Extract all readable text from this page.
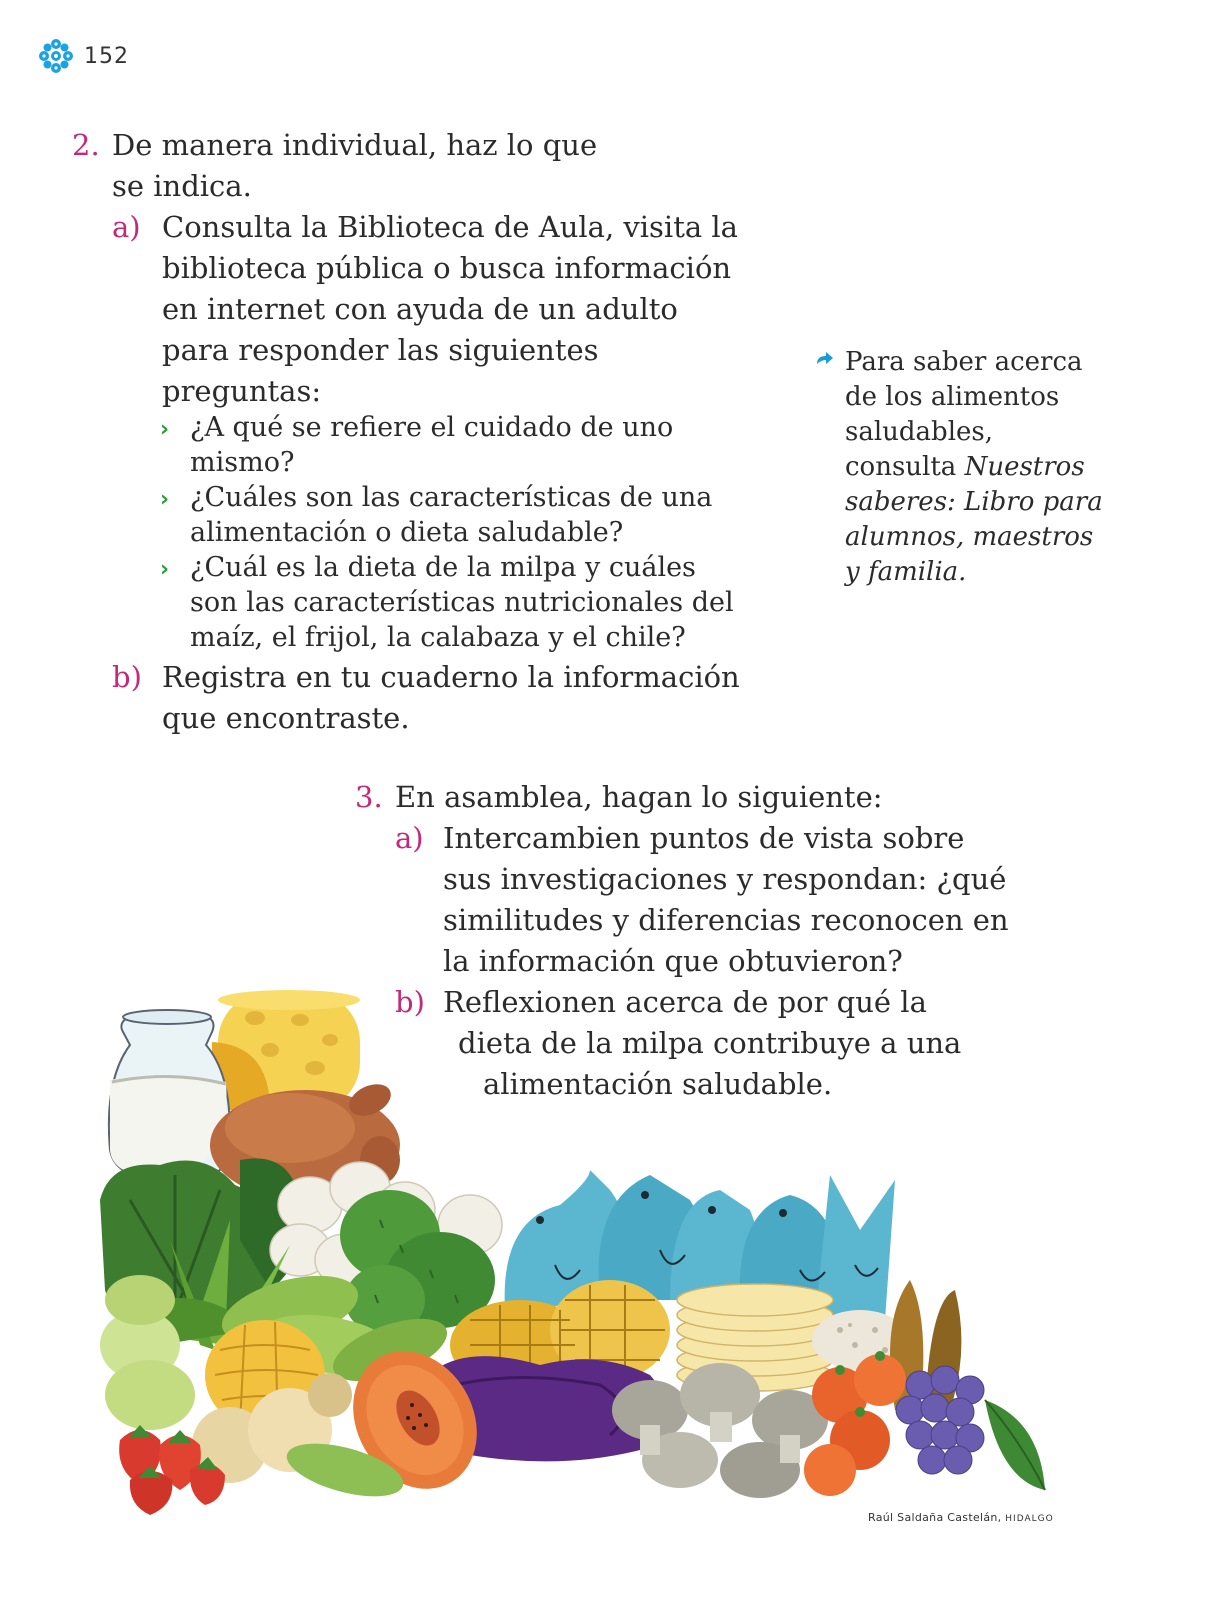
152
2. De manera individual, haz lo que
se indica.
a) Consulta la Biblioteca de Aula, visita la
biblioteca pública o busca información
en internet con ayuda de un adulto
para responder las siguientes
preguntas:
› ¿A qué se refiere el cuidado de uno
mismo?
› ¿Cuáles son las características de una
alimentación o dieta saludable?
› ¿Cuál es la dieta de la milpa y cuáles
son las características nutricionales del
maíz, el frijol, la calabaza y el chile?
b) Registra en tu cuaderno la información
que encontraste.
Para saber acerca
de los alimentos
saludables,
consulta Nuestros
saberes: Libro para
alumnos, maestros
y familia.
3. En asamblea, hagan lo siguiente:
a) Intercambien puntos de vista sobre
sus investigaciones y respondan: ¿qué
similitudes y diferencias reconocen en
la información que obtuvieron?
b) Reflexionen acerca de por qué la
dieta de la milpa contribuye a una
alimentación saludable.
Raúl Saldaña Castelán, HIDALGO
